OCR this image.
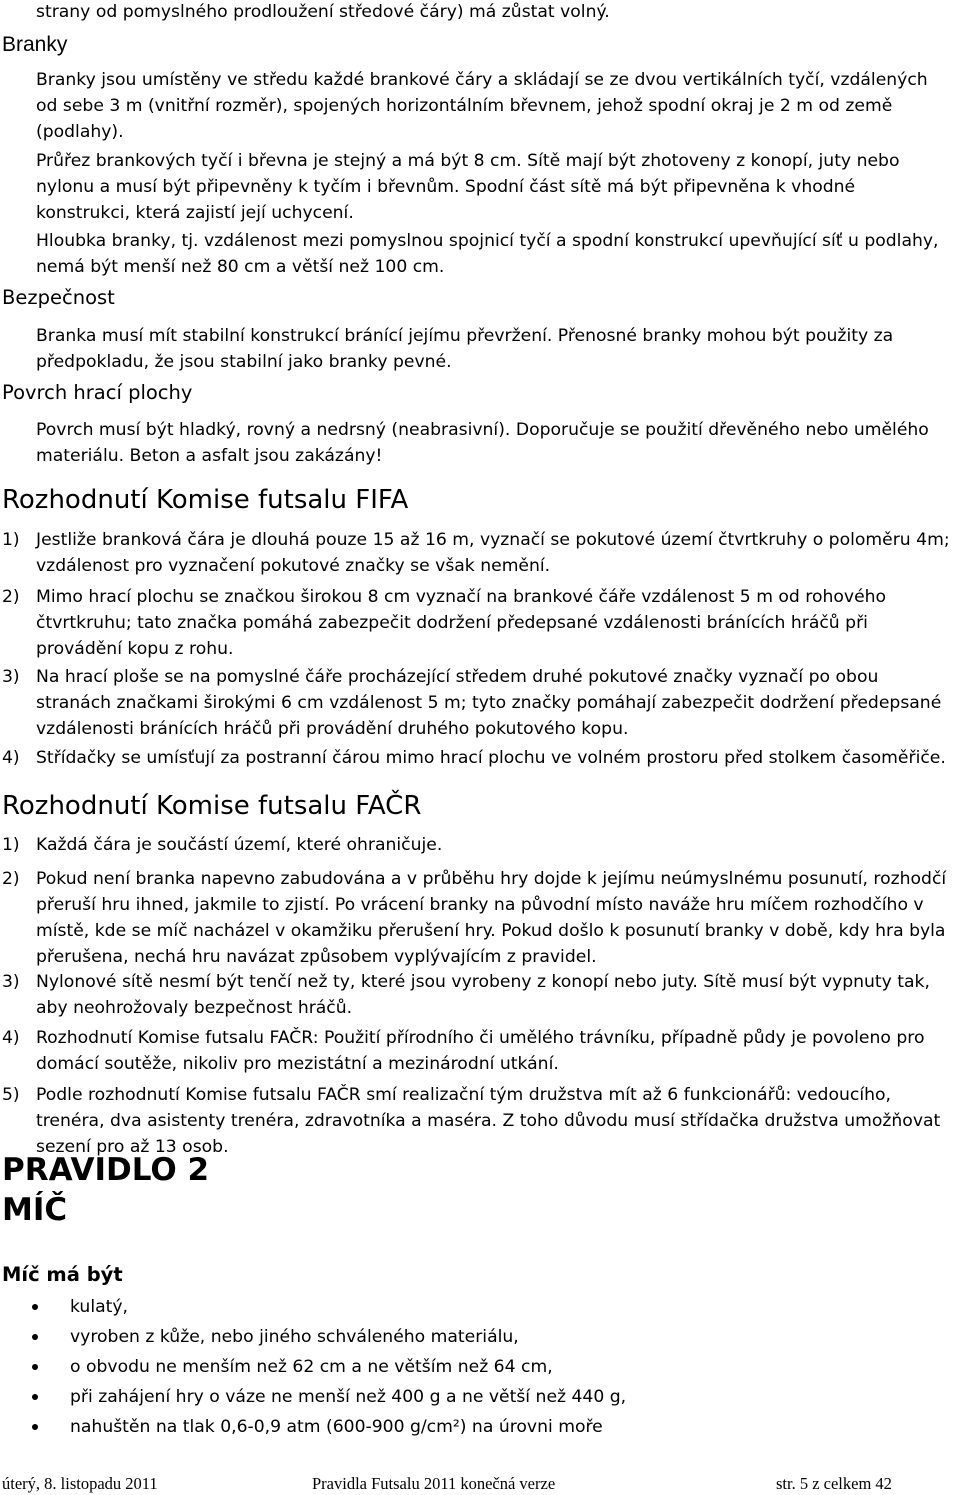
strany od pomyslného prodloužení středové čáry) má zůstat volný.
Branky
Branky jsou umístěny ve středu každé brankové čáry a skládají se ze dvou vertikálních tyčí, vzdálených od sebe 3 m (vnitřní rozměr), spojených horizontálním břevnem, jehož spodní okraj je 2 m od země (podlahy).
Průřez brankových tyčí i břevna je stejný a má být 8 cm. Sítě mají být zhotoveny z konopí, juty nebo nylonu a musí být připevněny k tyčím i břevnům. Spodní část sítě má být připevněna k vhodné konstrukci, která zajistí její uchycení.
Hloubka branky, tj. vzdálenost mezi pomyslnou spojnicí tyčí a spodní konstrukcí upevňující síť u podlahy, nemá být menší než 80 cm a větší než 100 cm.
Bezpečnost
Branka musí mít stabilní konstrukcí bránící jejímu převržení. Přenosné branky mohou být použity za předpokladu, že jsou stabilní jako branky pevné.
Povrch hrací plochy
Povrch musí být hladký, rovný a nedrsný (neabrasivní). Doporučuje se použití dřevěného nebo umělého materiálu. Beton a asfalt jsou zakázány!
Rozhodnutí Komise futsalu FIFA
1) Jestliže branková čára je dlouhá pouze 15 až 16 m, vyznačí se pokutové území čtvrtkruhy o poloměru 4m; vzdálenost pro vyznačení pokutové značky se však nemění.
2) Mimo hrací plochu se značkou širokou 8 cm vyznačí na brankové čáře vzdálenost 5 m od rohového čtvrtkruhu; tato značka pomáhá zabezpečit dodržení předepsané vzdálenosti bránících hráčů při provádění kopu z rohu.
3) Na hrací ploše se na pomyslné čáře procházející středem druhé pokutové značky vyznačí po obou stranách značkami širokými 6 cm vzdálenost 5 m; tyto značky pomáhají zabezpečit dodržení předepsané vzdálenosti bránících hráčů při provádění druhého pokutového kopu.
4) Střídačky se umísťují za postranní čárou mimo hrací plochu ve volném prostoru před stolkem časoměřiče.
Rozhodnutí Komise futsalu FAČR
1) Každá čára je součástí území, které ohraničuje.
2) Pokud není branka napevno zabudována a v průběhu hry dojde k jejímu neúmyslnému posunutí, rozhodčí přeruší hru ihned, jakmile to zjistí. Po vrácení branky na původní místo naváže hru míčem rozhodčího v místě, kde se míč nacházel v okamžiku přerušení hry. Pokud došlo k posunutí branky v době, kdy hra byla přerušena, nechá hru navázat způsobem vyplývajícím z pravidel.
3) Nylonové sítě nesmí být tenčí než ty, které jsou vyrobeny z konopí nebo juty. Sítě musí být vypnuty tak, aby neohrožovaly bezpečnost hráčů.
4) Rozhodnutí Komise futsalu FAČR: Použití přírodního či umělého trávníku, případně půdy je povoleno pro domácí soutěže, nikoliv pro mezistátní a mezinárodní utkání.
5) Podle rozhodnutí Komise futsalu FAČR smí realizační tým družstva mít až 6 funkcionářů: vedoucího, trenéra, dva asistenty trenéra, zdravotníka a maséra. Z toho důvodu musí střídačka družstva umožňovat sezení pro až 13 osob.
PRAVIDLO 2
MÍČ
Míč má být
kulatý,
vyroben z kůže, nebo jiného schváleného materiálu,
o obvodu ne menším než 62 cm a ne větším než 64 cm,
při zahájení hry o váze ne menší než 400 g a ne větší než 440 g,
nahuštěn na tlak 0,6-0,9 atm (600-900 g/cm²) na úrovni moře
úterý, 8. listopadu 2011	Pravidla Futsalu 2011 konečná verze	str. 5 z celkem 42
